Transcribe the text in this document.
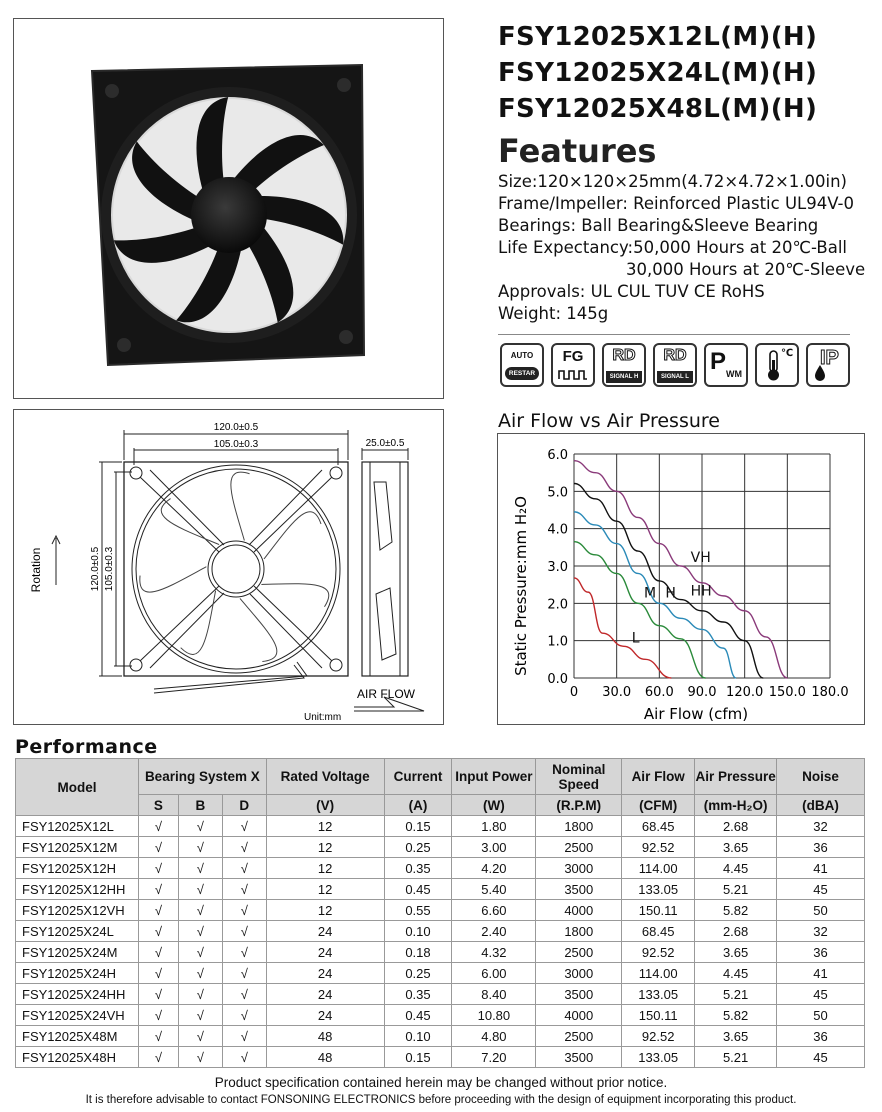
FSY12025X12L(M)(H)
FSY12025X24L(M)(H)
FSY12025X48L(M)(H)
Features
Size:120×120×25mm(4.72×4.72×1.00in)
Frame/Impeller: Reinforced Plastic UL94V-0
Bearings: Ball Bearing&Sleeve Bearing
Life Expectancy:50,000 Hours at 20℃-Ball
30,000 Hours at 20℃-Sleeve
Approvals: UL CUL TUV CE RoHS
Weight: 145g
AUTO
RESTAR
FG	RD
SIGNAL H
RD
SIGNAL L
P WM
℃ IP
120.0±0.5
105.0±0.3	25.0±0.5
120.0±0.5 105.0±0.3
Rotation
AIR FLOW
Unit:mm
Air Flow vs Air Pressure
VH
HH
H
M
L
0 30.0 60.0 90.0 120.0 150.0 180.0
0.0
1.0
2.0
3.0
4.0
5.0
6.0
Air Flow (cfm)
Static Pressure:mm H₂O
Performance
Model	Bearing System X			Rated Voltage	Current	Input Power	Nominal Speed	Air Flow	Air Pressure	Noise
	S	B	D	(V)	(A)	(W)	(R.P.M)	(CFM)	(mm-H₂O)	(dBA)
FSY12025X12L	√	√	√	12	0.15	1.80	1800	68.45	2.68	32
FSY12025X12M	√	√	√	12	0.25	3.00	2500	92.52	3.65	36
FSY12025X12H	√	√	√	12	0.35	4.20	3000	114.00	4.45	41
FSY12025X12HH	√	√	√	12	0.45	5.40	3500	133.05	5.21	45
FSY12025X12VH	√	√	√	12	0.55	6.60	4000	150.11	5.82	50
FSY12025X24L	√	√	√	24	0.10	2.40	1800	68.45	2.68	32
FSY12025X24M	√	√	√	24	0.18	4.32	2500	92.52	3.65	36
FSY12025X24H	√	√	√	24	0.25	6.00	3000	114.00	4.45	41
FSY12025X24HH	√	√	√	24	0.35	8.40	3500	133.05	5.21	45
FSY12025X24VH	√	√	√	24	0.45	10.80	4000	150.11	5.82	50
FSY12025X48M	√	√	√	48	0.10	4.80	2500	92.52	3.65	36
FSY12025X48H	√	√	√	48	0.15	7.20	3500	133.05	5.21	45
Product specification contained herein may be changed without prior notice.
It is therefore advisable to contact FONSONING ELECTRONICS before proceeding with the design of equipment incorporating this product.
